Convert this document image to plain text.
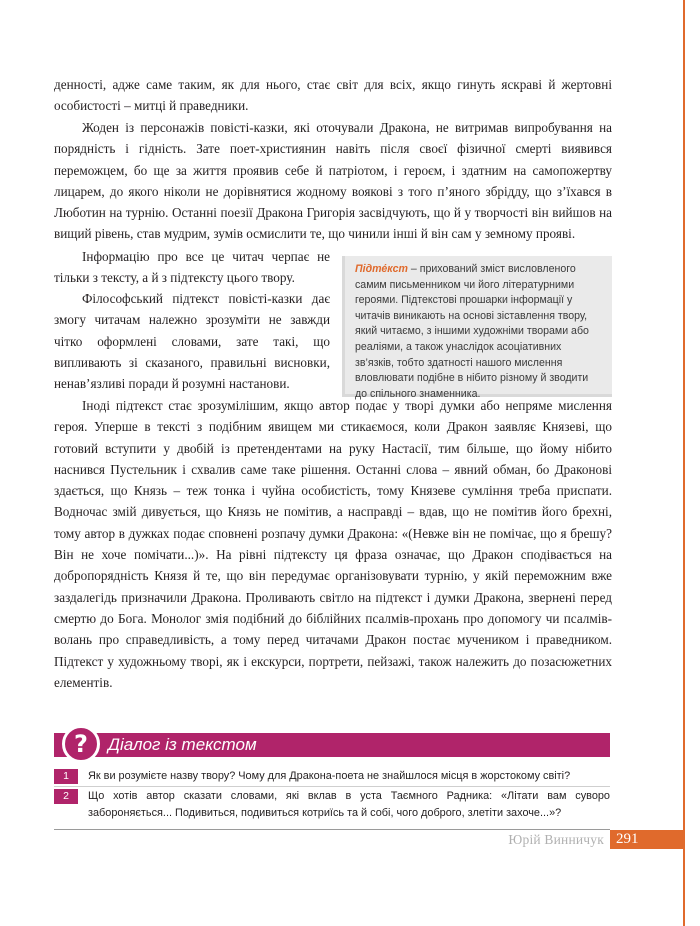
денності, адже саме таким, як для нього, стає світ для всіх, якщо гинуть яскраві й жертовні особистості – митці й праведники.

Жоден із персонажів повісті-казки, які оточували Дракона, не витримав випробування на порядність і гідність. Зате поет-християнин навіть після своєї фізичної смерті виявився переможцем, бо ще за життя проявив себе й патріотом, і героєм, і здатним на самопожертву лицарем, до якого ніколи не дорівнятися жодному воякові з того п’яного збрідду, що з’їхався в Люботин на турнію. Останні поезії Дракона Григорія засвідчують, що й у творчості він вийшов на вищий рівень, став мудрим, зумів осмислити те, що чинили інші й він сам у земному прояві.

Інформацію про все це читач черпає не тільки з тексту, а й з підтексту цього твору.

Філософський підтекст повісті-казки дає змогу читачам належно зрозуміти не завжди чітко оформлені словами, зате такі, що випливають зі сказаного, правильні висновки, ненав’язливі поради й розумні настанови.

Підте́кст – прихований зміст висловленого самим письменником чи його літературними героями. Підтекстові прошарки інформації у читачів виникають на основі зіставлення твору, який читаємо, з іншими художніми творами або реаліями, а також унаслідок асоціативних зв’язків, тобто здатності нашого мислення вловлювати подібне в нібито різному й зводити до спільного знаменника.

Іноді підтекст стає зрозумілішим, якщо автор подає у творі думки або непряме мислення героя. Уперше в тексті з подібним явищем ми стикаємося, коли Дракон заявляє Князеві, що готовий вступити у двобій із претендентами на руку Настасії, тим більше, що йому нібито наснився Пустельник і схвалив саме таке рішення. Останні слова – явний обман, бо Драконові здається, що Князь – теж тонка і чуйна особистість, тому Князеве сумління треба приспати. Водночас змій дивується, що Князь не помітив, а насправді – вдав, що не помітив його брехні, тому автор в дужках подає сповнені розпачу думки Дракона: «(Невже він не помічає, що я брешу? Він не хоче помічати...)». На рівні підтексту ця фраза означає, що Дракон сподівається на добропорядність Князя й те, що він передумає організовувати турнію, у якій переможним вже заздалегідь призначили Дракона. Проливають світло на підтекст і думки Дракона, звернені перед смертю до Бога. Монолог змія подібний до біблійних псалмів-прохань про допомогу чи псалмів-волань про справедливість, а тому перед читачами Дракон постає мучеником і праведником. Підтекст у художньому творі, як і екскурси, портрети, пейзажі, також належить до позасюжетних елементів.

?	Діалог із текстом
1	Як ви розумієте назву твору? Чому для Дракона-поета не знайшлося місця в жорстокому світі?

2	Що хотів автор сказати словами, які вклав в уста Таємного Радника: «Літати вам суворо забороняється... Подивиться, подивиться котриїсь та й собі, чого доброго, злетіти захоче...»?

Юрій Винничук 291
